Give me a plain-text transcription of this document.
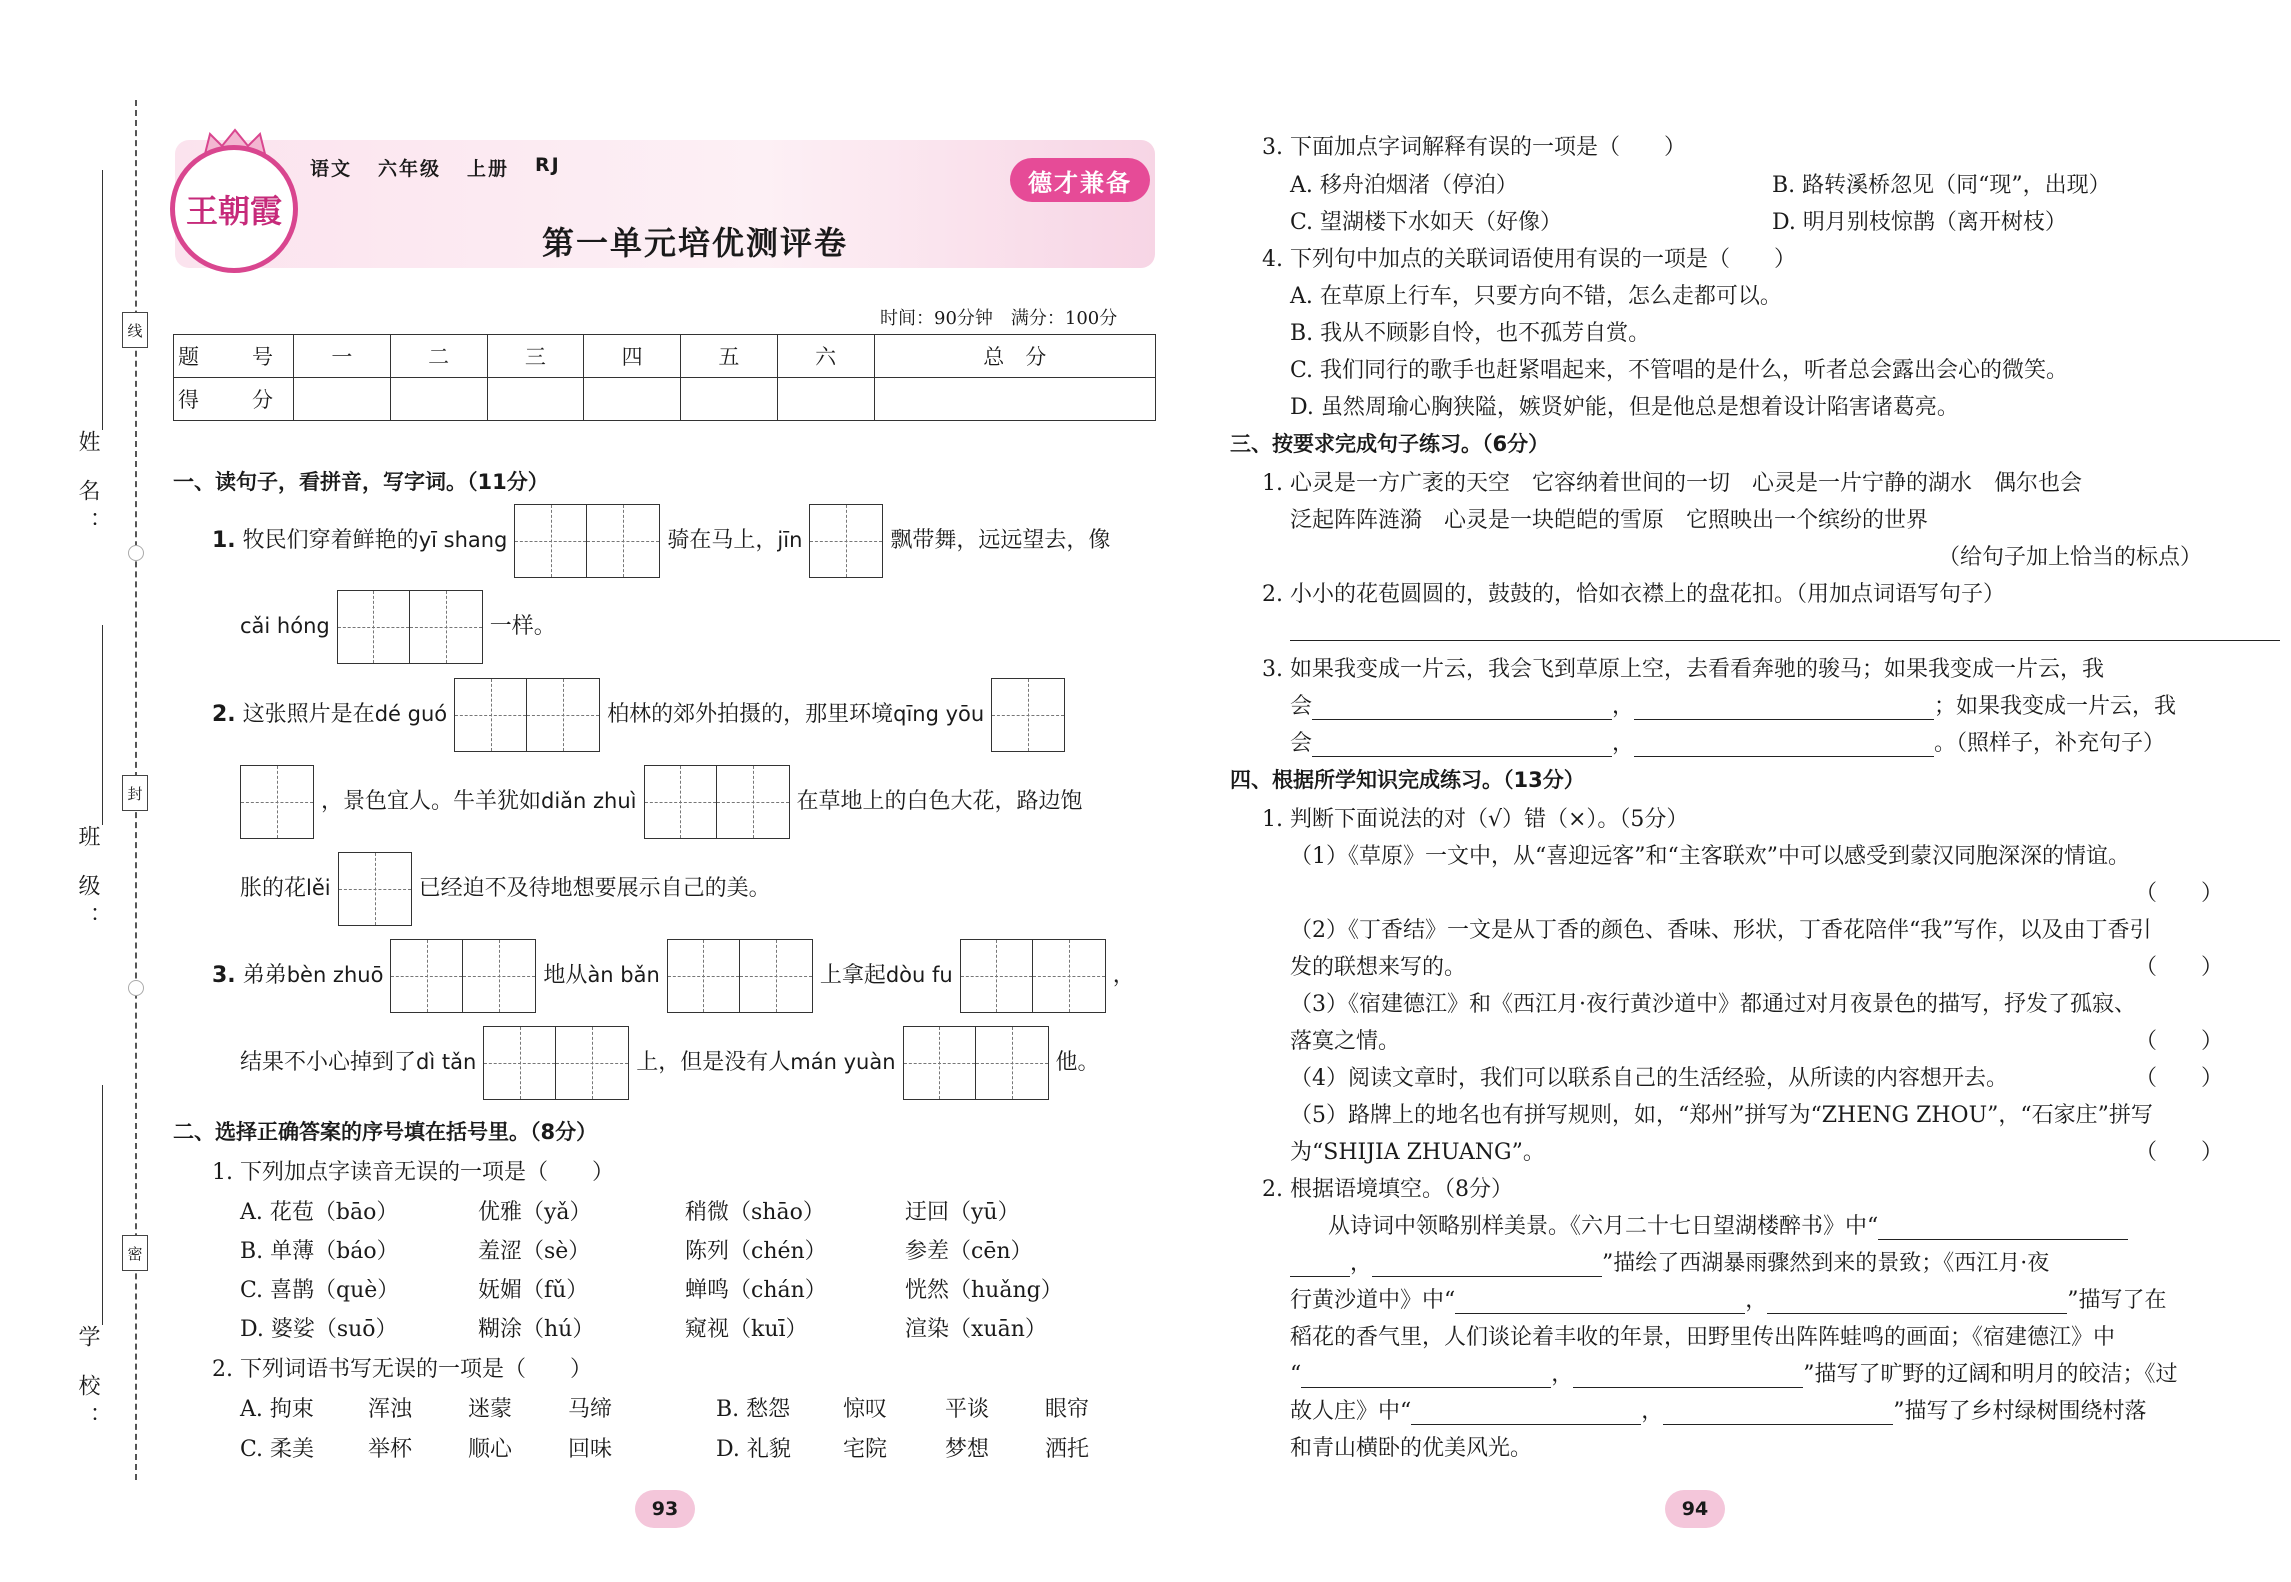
姓 名：
线
班 级：
封
学 校：
密
王朝霞
语文 六年级 上册 RJ
第一单元培优测评卷
时间：90分钟　满分：100分
题　号	一	二	三	四	五	六	总　分
得　分							
一、读句子，看拼音，写字词。（11分）
1. 牧民们穿着鲜艳的yī shang	骑在马上，jīn	飘带舞，远远望去，像
cǎi hóng	一样。
2. 这张照片是在dé guó	柏林的郊外拍摄的，那里环境qīng yōu
，景色宜人。牛羊犹如diǎn zhuì	在草地上的白色大花，路边饱
胀的花lěi	已经迫不及待地想要展示自己的美。
3. 弟弟bèn zhuō	地从àn bǎn	上拿起dòu fu	，
结果不小心掉到了dì tǎn	上，但是没有人mán yuàn	他。
二、选择正确答案的序号填在括号里。（8分）
1. 下列加点字读音无误的一项是（　　）
A. 花苞（bāo）	优雅（yǎ）	稍微（shāo）	迂回（yū）
B. 单薄（báo）	羞涩（sè）	陈列（chén）	参差（cēn）
C. 喜鹊（què）	妩媚（fǔ）	蝉鸣（chán）	恍然（huǎng）
D. 婆娑（suō）	糊涂（hú）	窥视（kuī）	渲染（xuān）
2. 下列词语书写无误的一项是（　　）
A. 拘束 浑浊	迷蒙	马缔	B. 愁怨 惊叹	平谈	眼帘
C. 柔美 举杯	顺心	回味	D. 礼貌 宅院	梦想	洒托
93
3. 下面加点字词解释有误的一项是（　　）
A. 移舟泊烟渚（停泊）	B. 路转溪桥忽见（同“现”，出现）
C. 望湖楼下水如天（好像）	D. 明月别枝惊鹊（离开树枝）
4. 下列句中加点的关联词语使用有误的一项是（　　）
A. 在草原上行车，只要方向不错，怎么走都可以。
B. 我从不顾影自怜，也不孤芳自赏。
C. 我们同行的歌手也赶紧唱起来，不管唱的是什么，听者总会露出会心的微笑。
D. 虽然周瑜心胸狭隘，嫉贤妒能，但是他总是想着设计陷害诸葛亮。
三、按要求完成句子练习。（6分）
1. 心灵是一方广袤的天空　它容纳着世间的一切　心灵是一片宁静的湖水　偶尔也会
泛起阵阵涟漪　心灵是一块皑皑的雪原　它照映出一个缤纷的世界
（给句子加上恰当的标点）
2. 小小的花苞圆圆的，鼓鼓的，恰如衣襟上的盘花扣。（用加点词语写句子）
3. 如果我变成一片云，我会飞到草原上空，去看看奔驰的骏马；如果我变成一片云，我
会	，	；如果我变成一片云，我
会	，	。（照样子，补充句子）
四、根据所学知识完成练习。（13分）
1. 判断下面说法的对（√）错（×）。（5分）
（1）《草原》一文中，从“喜迎远客”和“主客联欢”中可以感受到蒙汉同胞深深的情谊。
（　　）
（2）《丁香结》一文是从丁香的颜色、香味、形状，丁香花陪伴“我”写作，以及由丁香引
发的联想来写的。	（　　）
（3）《宿建德江》和《西江月·夜行黄沙道中》都通过对月夜景色的描写，抒发了孤寂、
落寞之情。	（　　）
（4）阅读文章时，我们可以联系自己的生活经验，从所读的内容想开去。	（　　）
（5）路牌上的地名也有拼写规则，如，“郑州”拼写为“ZHENG ZHOU”，“石家庄”拼写
为“SHIJIA ZHUANG”。	（　　）
2. 根据语境填空。（8分）
从诗词中领略别样美景。《六月二十七日望湖楼醉书》中“
，	”描绘了西湖暴雨骤然到来的景致；《西江月·夜
行黄沙道中》中“	，	”描写了在
稻花的香气里，人们谈论着丰收的年景，田野里传出阵阵蛙鸣的画面；《宿建德江》中
“	，	”描写了旷野的辽阔和明月的皎洁；《过
故人庄》中“	，	”描写了乡村绿树围绕村落
和青山横卧的优美风光。
94
德才兼备
